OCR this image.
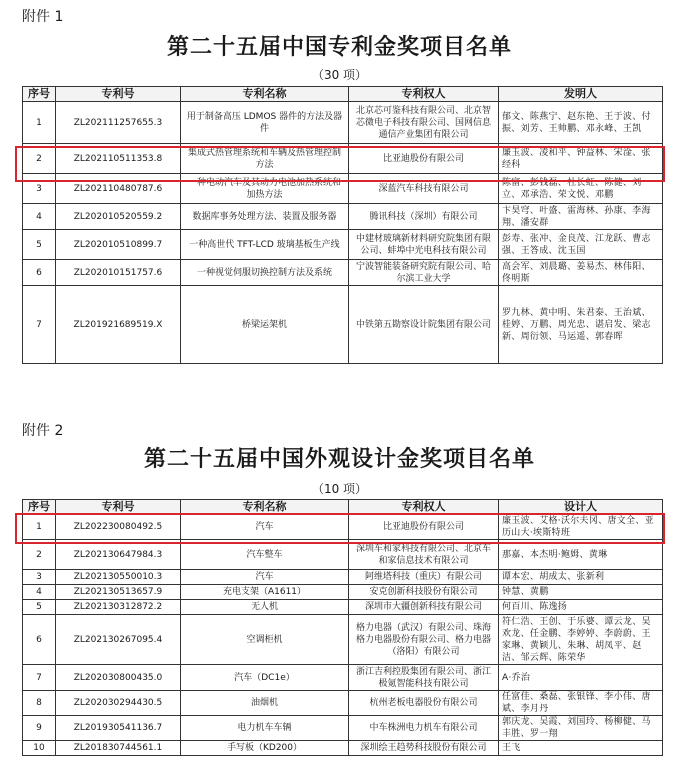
附件 1
第二十五届中国专利金奖项目名单
（30 项）
序号	专利号	专利名称	专利权人	发明人
1	ZL202111257655.3	用于制备高压 LDMOS 器件的方法及器件	北京芯可鉴科技有限公司、北京智芯微电子科技有限公司、国网信息通信产业集团有限公司	郁文、陈燕宁、赵东艳、王于波、付振、刘芳、王帅鹏、邓永峰、王凯
2	ZL202110511353.8	集成式热管理系统和车辆及热管理控制方法	比亚迪股份有限公司	廉玉波、凌和平、钟益林、宋淦、张经科
3	ZL202110480787.6	一种电动汽车及其动力电池加热系统和加热方法	深蓝汽车科技有限公司	陈富、彭钱磊、杜长虹、陈健、刘立、邓承浩、荣文悦、邓鹏
4	ZL202010520559.2	数据库事务处理方法、装置及服务器	腾讯科技（深圳）有限公司	卞昊穹、叶盛、雷海林、孙康、李海翔、潘安群
5	ZL202010510899.7	一种高世代 TFT-LCD 玻璃基板生产线	中建材玻璃新材料研究院集团有限公司、蚌埠中光电科技有限公司	彭寿、张冲、金良茂、江龙跃、曹志强、王答成、沈玉国
6	ZL202010151757.6	一种视觉伺服切换控制方法及系统	宁波智能装备研究院有限公司、哈尔滨工业大学	高会军、刘晨璐、姜易杰、林伟阳、佟明斯
7	ZL201921689519.X	桥梁运架机	中铁第五勘察设计院集团有限公司	罗九林、黄中明、朱君泰、王治斌、桂婷、万鹏、周光忠、谌启发、梁志新、周衍领、马运遥、郭春晖
附件 2
第二十五届中国外观设计金奖项目名单
（10 项）
序号	专利号	专利名称	专利权人	设计人
1	ZL202230080492.5	汽车	比亚迪股份有限公司	廉玉波、艾格·沃尔夫冈、唐文全、亚历山大·埃斯特班
2	ZL202130647984.3	汽车整车	深圳车和家科技有限公司、北京车和家信息技术有限公司	那嘉、本杰明·鲍姆、黄琳
3	ZL202130550010.3	汽车	阿维塔科技（重庆）有限公司	谭本宏、胡成太、张新利
4	ZL202130513657.9	充电支架（A1611）	安克创新科技股份有限公司	钟慧、黄鹏
5	ZL202130312872.2	无人机	深圳市大疆创新科技有限公司	何百川、陈逸扬
6	ZL202130267095.4	空调柜机	格力电器（武汉）有限公司、珠海格力电器股份有限公司、格力电器（洛阳）有限公司	符仁浩、王创、于乐婆、谭云龙、吴欢龙、任金鹏、李婷婷、李蔚蔚、王家琳、黄颖儿、朱琳、胡凤平、赵洁、邹云辉、陈荣华
7	ZL202030800435.0	汽车（DC1e）	浙江吉利控股集团有限公司、浙江极氪智能科技有限公司	A·乔治
8	ZL202030294430.5	油烟机	杭州老板电器股份有限公司	任富佳、桑磊、张银锋、李小伟、唐斌、李月丹
9	ZL201930541136.7	电力机车车辆	中车株洲电力机车有限公司	郭庆龙、吴霞、刘国玲、杨柳健、马丰胜、罗一翔
10	ZL201830744561.1	手写板（KD200）	深圳绘王趋势科技股份有限公司	王飞
